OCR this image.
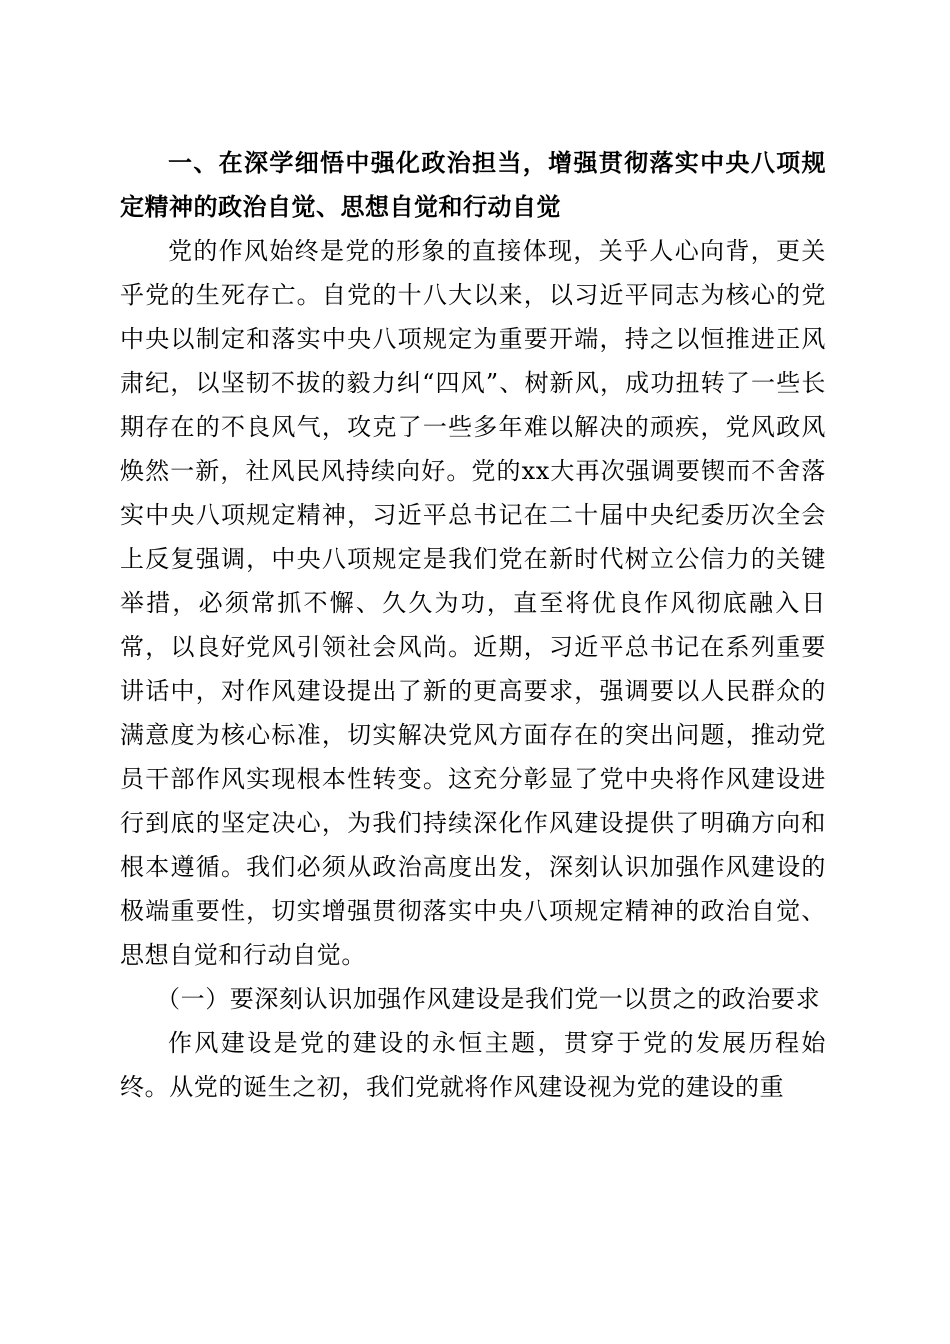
一、在深学细悟中强化政治担当，增强贯彻落实中央八项规定精神的政治自觉、思想自觉和行动自觉

党的作风始终是党的形象的直接体现，关乎人心向背，更关乎党的生死存亡。自党的十八大以来，以习近平同志为核心的党中央以制定和落实中央八项规定为重要开端，持之以恒推进正风肃纪，以坚韧不拔的毅力纠“四风”、树新风，成功扭转了一些长期存在的不良风气，攻克了一些多年难以解决的顽疾，党风政风焕然一新，社风民风持续向好。党的xx大再次强调要锲而不舍落实中央八项规定精神，习近平总书记在二十届中央纪委历次全会上反复强调，中央八项规定是我们党在新时代树立公信力的关键举措，必须常抓不懈、久久为功，直至将优良作风彻底融入日常，以良好党风引领社会风尚。近期，习近平总书记在系列重要讲话中，对作风建设提出了新的更高要求，强调要以人民群众的满意度为核心标准，切实解决党风方面存在的突出问题，推动党员干部作风实现根本性转变。这充分彰显了党中央将作风建设进行到底的坚定决心，为我们持续深化作风建设提供了明确方向和根本遵循。我们必须从政治高度出发，深刻认识加强作风建设的极端重要性，切实增强贯彻落实中央八项规定精神的政治自觉、思想自觉和行动自觉。

（一）要深刻认识加强作风建设是我们党一以贯之的政治要求

作风建设是党的建设的永恒主题，贯穿于党的发展历程始终。从党的诞生之初，我们党就将作风建设视为党的建设的重
